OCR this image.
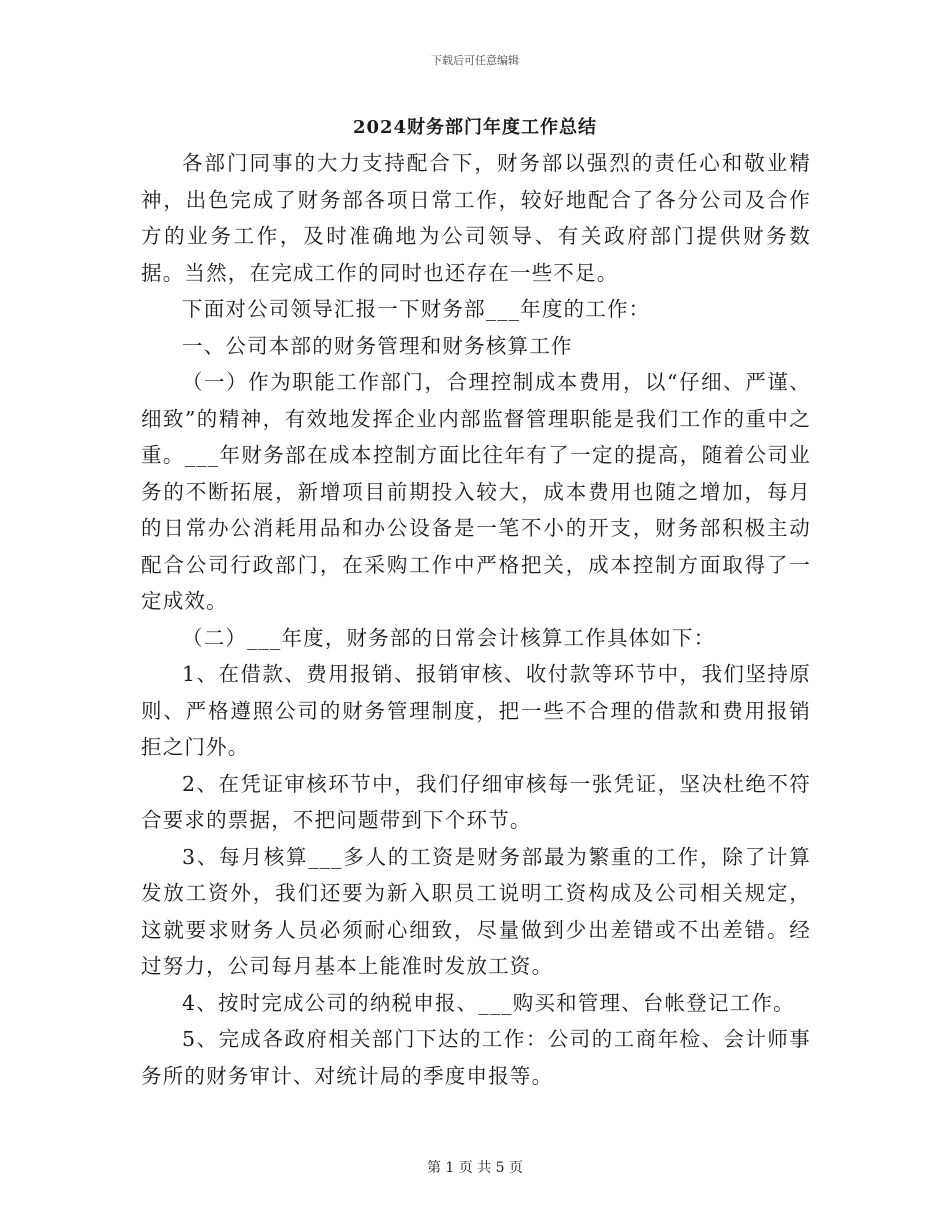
下载后可任意编辑
2024财务部门年度工作总结

各部门同事的大力支持配合下，财务部以强烈的责任心和敬业精神，出色完成了财务部各项日常工作，较好地配合了各分公司及合作方的业务工作，及时准确地为公司领导、有关政府部门提供财务数据。当然，在完成工作的同时也还存在一些不足。

下面对公司领导汇报一下财务部___年度的工作：

一、公司本部的财务管理和财务核算工作

（一）作为职能工作部门，合理控制成本费用，以“仔细、严谨、细致”的精神，有效地发挥企业内部监督管理职能是我们工作的重中之重。___年财务部在成本控制方面比往年有了一定的提高，随着公司业务的不断拓展，新增项目前期投入较大，成本费用也随之增加，每月的日常办公消耗用品和办公设备是一笔不小的开支，财务部积极主动配合公司行政部门，在采购工作中严格把关，成本控制方面取得了一定成效。

（二）___年度，财务部的日常会计核算工作具体如下：

1、在借款、费用报销、报销审核、收付款等环节中，我们坚持原则、严格遵照公司的财务管理制度，把一些不合理的借款和费用报销拒之门外。

2、在凭证审核环节中，我们仔细审核每一张凭证，坚决杜绝不符合要求的票据，不把问题带到下个环节。

3、每月核算___多人的工资是财务部最为繁重的工作，除了计算发放工资外，我们还要为新入职员工说明工资构成及公司相关规定，这就要求财务人员必须耐心细致，尽量做到少出差错或不出差错。经过努力，公司每月基本上能准时发放工资。

4、按时完成公司的纳税申报、___购买和管理、台帐登记工作。

5、完成各政府相关部门下达的工作：公司的工商年检、会计师事务所的财务审计、对统计局的季度申报等。

第 1 页 共 5 页
